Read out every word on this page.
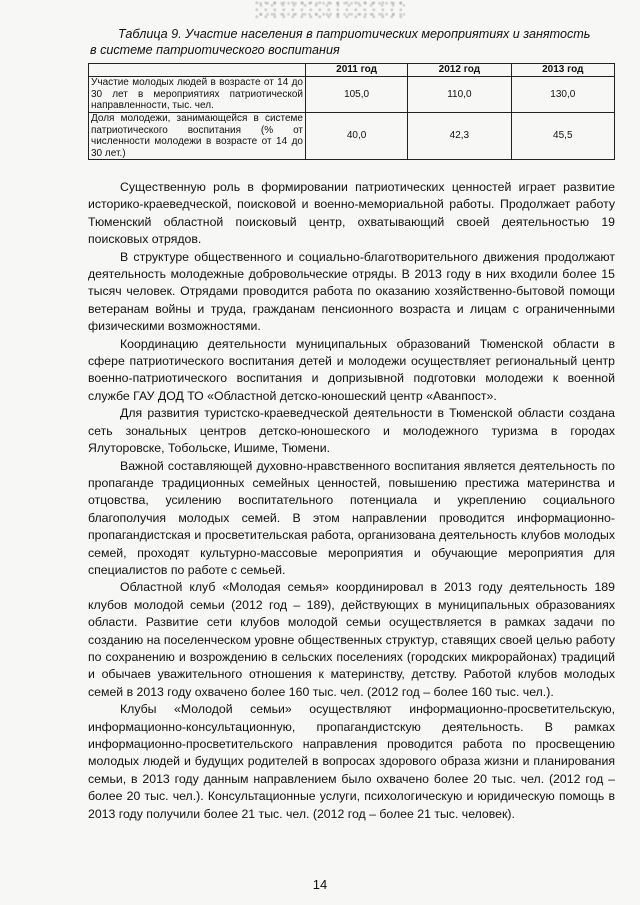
Таблица 9. Участие населения в патриотических мероприятиях и занятость
в системе патриотического воспитания
	2011 год	2012 год	2013 год
Участие молодых людей в возрасте от 14 до 30 лет в мероприятиях патриотической направленности, тыс. чел.	105,0	110,0	130,0
Доля молодежи, занимающейся в системе патриотического воспитания (% от численности молодежи в возрасте от 14 до 30 лет.)	40,0	42,3	45,5

Существенную роль в формировании патриотических ценностей играет развитие историко-краеведческой, поисковой и военно-мемориальной работы. Продолжает работу Тюменский областной поисковый центр, охватывающий своей деятельностью 19 поисковых отрядов.

В структуре общественного и социально-благотворительного движения продолжают деятельность молодежные добровольческие отряды. В 2013 году в них входили более 15 тысяч человек. Отрядами проводится работа по оказанию хозяйственно-бытовой помощи ветеранам войны и труда, гражданам пенсионного возраста и лицам с ограниченными физическими возможностями.

Координацию деятельности муниципальных образований Тюменской области в сфере патриотического воспитания детей и молодежи осуществляет региональный центр военно-патриотического воспитания и допризывной подготовки молодежи к военной службе ГАУ ДОД ТО «Областной детско-юношеский центр «Аванпост».

Для развития туристско-краеведческой деятельности в Тюменской области создана сеть зональных центров детско-юношеского и молодежного туризма в городах Ялуторовске, Тобольске, Ишиме, Тюмени.

Важной составляющей духовно-нравственного воспитания является деятельность по пропаганде традиционных семейных ценностей, повышению престижа материнства и отцовства, усилению воспитательного потенциала и укреплению социального благополучия молодых семей. В этом направлении проводится информационно-пропагандистская и просветительская работа, организована деятельность клубов молодых семей, проходят культурно-массовые мероприятия и обучающие мероприятия для специалистов по работе с семьей.

Областной клуб «Молодая семья» координировал в 2013 году деятельность 189 клубов молодой семьи (2012 год – 189), действующих в муниципальных образованиях области. Развитие сети клубов молодой семьи осуществляется в рамках задачи по созданию на поселенческом уровне общественных структур, ставящих своей целью работу по сохранению и возрождению в сельских поселениях (городских микрорайонах) традиций и обычаев уважительного отношения к материнству, детству. Работой клубов молодых семей в 2013 году охвачено более 160 тыс. чел. (2012 год – более 160 тыс. чел.).

Клубы «Молодой семьи» осуществляют информационно-просветительскую, информационно-консультационную, пропагандистскую деятельность. В рамках информационно-просветительского направления проводится работа по просвещению молодых людей и будущих родителей в вопросах здорового образа жизни и планирования семьи, в 2013 году данным направлением было охвачено более 20 тыс. чел. (2012 год – более 20 тыс. чел.). Консультационные услуги, психологическую и юридическую помощь в 2013 году получили более 21 тыс. чел. (2012 год – более 21 тыс. человек).

14
